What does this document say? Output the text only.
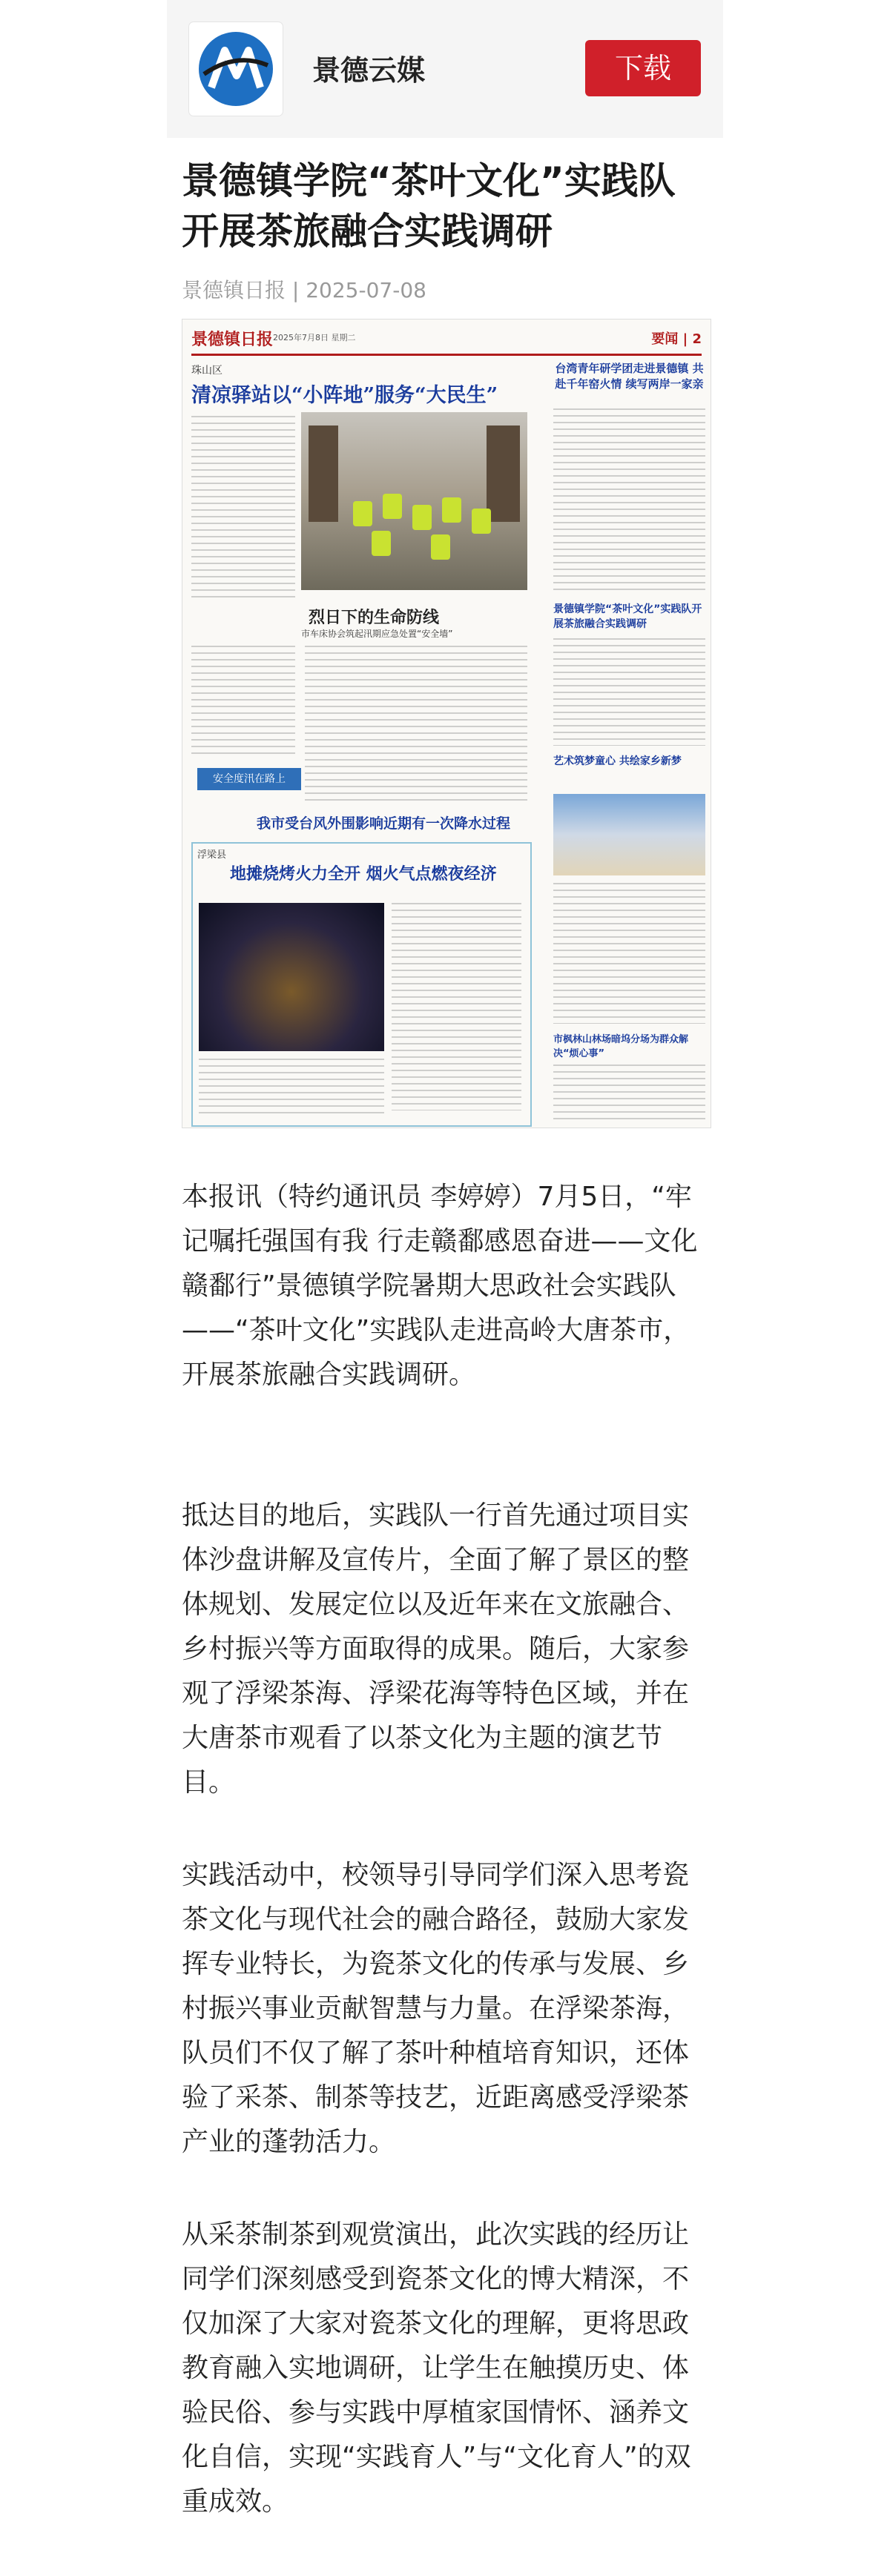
景德云媒	下载
景德镇学院“茶叶文化”实践队开展茶旅融合实践调研
景德镇日报 | 2025-07-08
景德镇日报 2025年7月8日 星期二	要闻 | 2
珠山区
清凉驿站以“小阵地”服务“大民生”
烈日下的生命防线
市车床协会筑起汛期应急处置“安全墙”
安全度汛在路上
我市受台风外围影响近期有一次降水过程
浮梁县
地摊烧烤火力全开 烟火气点燃夜经济
台湾青年研学团走进景德镇 共赴千年窑火情 续写两岸一家亲
景德镇学院“茶叶文化”实践队开展茶旅融合实践调研
艺术筑梦童心 共绘家乡新梦
市枫林山林场暗坞分场为群众解决“烦心事”

本报讯（特约通讯员 李婷婷）7月5日，“牢记嘱托强国有我 行走赣鄱感恩奋进——文化赣鄱行”景德镇学院暑期大思政社会实践队——“茶叶文化”实践队走进高岭大唐茶市，开展茶旅融合实践调研。

抵达目的地后，实践队一行首先通过项目实体沙盘讲解及宣传片，全面了解了景区的整体规划、发展定位以及近年来在文旅融合、乡村振兴等方面取得的成果。随后，大家参观了浮梁茶海、浮梁花海等特色区域，并在大唐茶市观看了以茶文化为主题的演艺节目。

实践活动中，校领导引导同学们深入思考瓷茶文化与现代社会的融合路径，鼓励大家发挥专业特长，为瓷茶文化的传承与发展、乡村振兴事业贡献智慧与力量。在浮梁茶海，队员们不仅了解了茶叶种植培育知识，还体验了采茶、制茶等技艺，近距离感受浮梁茶产业的蓬勃活力。

从采茶制茶到观赏演出，此次实践的经历让同学们深刻感受到瓷茶文化的博大精深，不仅加深了大家对瓷茶文化的理解，更将思政教育融入实地调研，让学生在触摸历史、体验民俗、参与实践中厚植家国情怀、涵养文化自信，实现“实践育人”与“文化育人”的双重成效。
